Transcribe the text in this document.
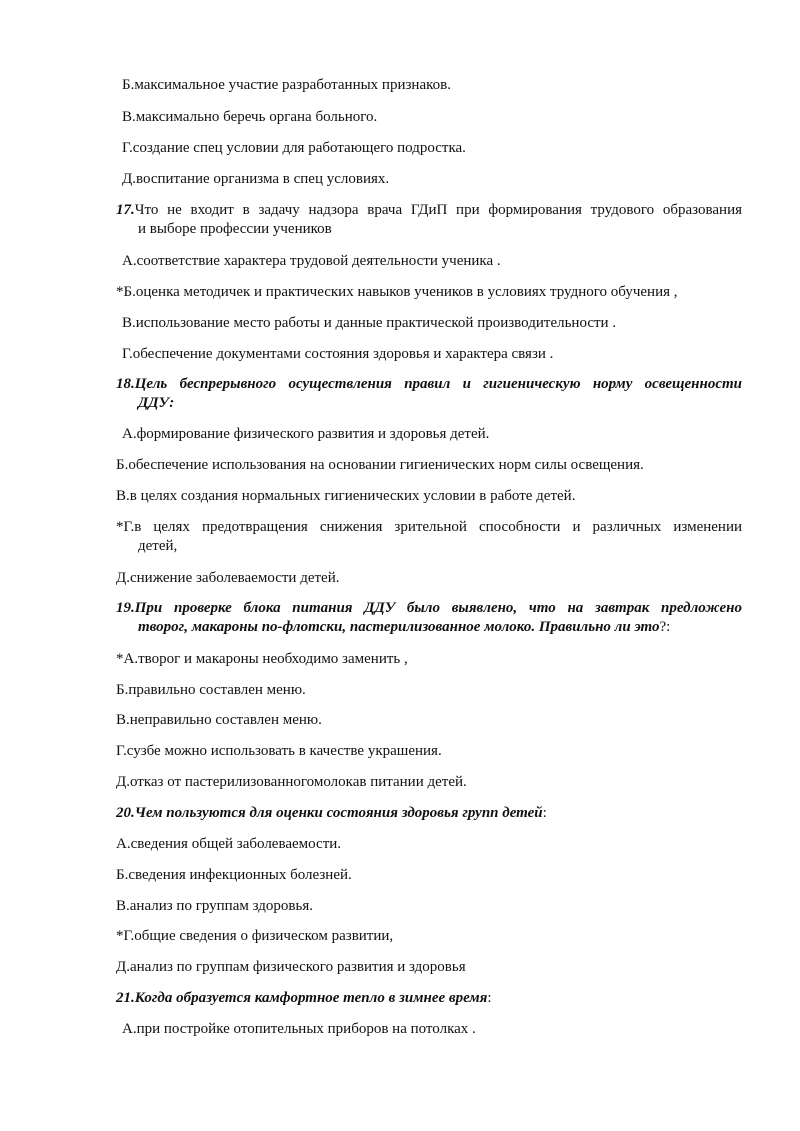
Б.максимальное участие разработанных признаков.
В.максимально беречь органа больного.
Г.создание спец условии для работающего подростка.
Д.воспитание организма в спец условиях.
17.Что не входит в задачу надзора врача ГДиП при формирования трудового образования
и выборе профессии учеников
А.соответствие характера трудовой деятельности ученика .
*Б.оценка методичек и практических навыков учеников в условиях трудного обучения ,
В.использование место работы и данные практической производительности .
Г.обеспечение документами состояния здоровья и характера связи .
18.Цель беспрерывного осуществления правил и гигиеническую норму освещенности
ДДУ:
А.формирование физического развития и здоровья детей.
Б.обеспечение использования на основании гигиенических норм силы освещения.
В.в целях создания нормальных гигиенических условии в работе детей.
*Г.в целях предотвращения снижения зрительной способности и различных изменении
детей,
Д.снижение заболеваемости детей.
19.При проверке блока питания ДДУ было выявлено, что на завтрак предложено
творог, макароны по-флотски, пастерилизованное молоко. Правильно ли это?:
*А.творог и макароны необходимо заменить ,
Б.правильно составлен меню.
В.неправильно составлен меню.
Г.сузбе можно использовать в качестве украшения.
Д.отказ от пастерилизованногомолокав питании детей.
20.Чем пользуются для оценки состояния здоровья групп детей:
А.сведения общей заболеваемости.
Б.сведения инфекционных болезней.
В.анализ по группам здоровья.
*Г.общие сведения о физическом развитии,
Д.анализ по группам физического развития и здоровья
21.Когда образуется камфортное тепло в зимнее время:
А.при постройке отопительных приборов на потолках .
